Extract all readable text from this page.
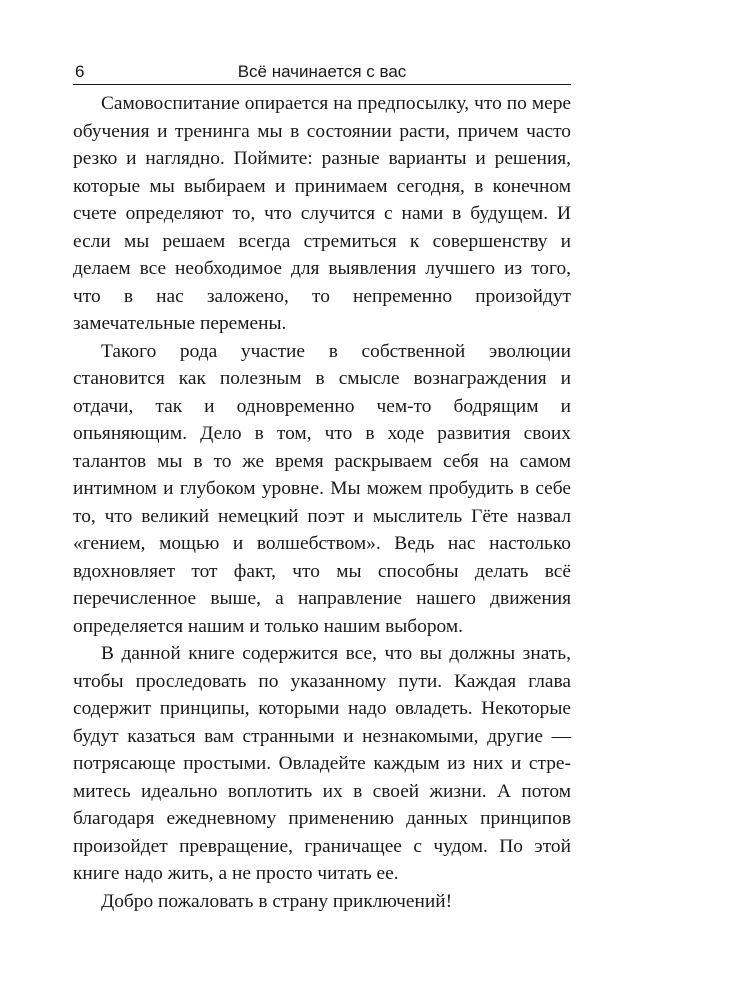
6	Всё начинается с вас

Самовоспитание опирается на предпосылку, что по мере обучения и тренинга мы в состоянии расти, причем часто резко и наглядно. Поймите: разные варианты и решения, которые мы выбираем и принимаем сегодня, в конечном счете определяют то, что случится с нами в будущем. И если мы решаем всегда стремиться к совершенству и делаем все необходимое для выявления лучшего из того, что в нас заложено, то непременно произойдут замечательные перемены.

Такого рода участие в собственной эволюции становится как полезным в смысле вознаграждения и отдачи, так и одновременно чем-то бодрящим и опьяняющим. Дело в том, что в ходе развития своих талантов мы в то же время раскрываем себя на самом интимном и глубоком уровне. Мы можем пробудить в себе то, что великий немецкий поэт и мыслитель Гёте назвал «гением, мощью и волшебством». Ведь нас настолько вдохновляет тот факт, что мы способны делать всё перечисленное выше, а направление нашего движения определяется нашим и только нашим выбором.

В данной книге содержится все, что вы должны знать, чтобы проследовать по указанному пути. Каждая глава содержит принципы, которыми надо овладеть. Некоторые будут казаться вам странными и незнакомыми, другие — потрясающе простыми. Овладейте каждым из них и стремитесь идеально воплотить их в своей жизни. А потом благодаря ежедневному применению данных принципов произойдет превращение, граничащее с чудом. По этой книге надо жить, а не просто читать ее.

Добро пожаловать в страну приключений!
